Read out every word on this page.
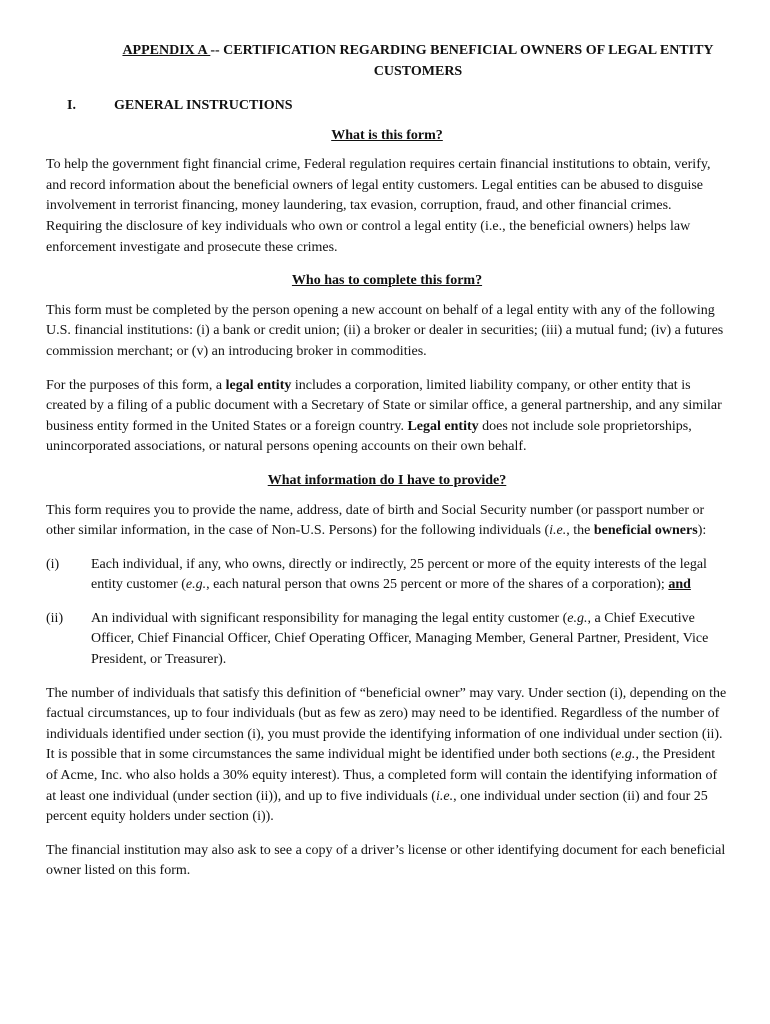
APPENDIX A -- CERTIFICATION REGARDING BENEFICIAL OWNERS OF LEGAL ENTITY CUSTOMERS
I.	GENERAL INSTRUCTIONS
What is this form?

To help the government fight financial crime, Federal regulation requires certain financial institutions to obtain, verify, and record information about the beneficial owners of legal entity customers. Legal entities can be abused to disguise involvement in terrorist financing, money laundering, tax evasion, corruption, fraud, and other financial crimes. Requiring the disclosure of key individuals who own or control a legal entity (i.e., the beneficial owners) helps law enforcement investigate and prosecute these crimes.

Who has to complete this form?

This form must be completed by the person opening a new account on behalf of a legal entity with any of the following U.S. financial institutions: (i) a bank or credit union; (ii) a broker or dealer in securities; (iii) a mutual fund; (iv) a futures commission merchant; or (v) an introducing broker in commodities.

For the purposes of this form, a legal entity includes a corporation, limited liability company, or other entity that is created by a filing of a public document with a Secretary of State or similar office, a general partnership, and any similar business entity formed in the United States or a foreign country. Legal entity does not include sole proprietorships, unincorporated associations, or natural persons opening accounts on their own behalf.

What information do I have to provide?

This form requires you to provide the name, address, date of birth and Social Security number (or passport number or other similar information, in the case of Non-U.S. Persons) for the following individuals (i.e., the beneficial owners):

(i)	Each individual, if any, who owns, directly or indirectly, 25 percent or more of the equity interests of the legal entity customer (e.g., each natural person that owns 25 percent or more of the shares of a corporation); and
(ii)	An individual with significant responsibility for managing the legal entity customer (e.g., a Chief Executive Officer, Chief Financial Officer, Chief Operating Officer, Managing Member, General Partner, President, Vice President, or Treasurer).

The number of individuals that satisfy this definition of “beneficial owner” may vary. Under section (i), depending on the factual circumstances, up to four individuals (but as few as zero) may need to be identified. Regardless of the number of individuals identified under section (i), you must provide the identifying information of one individual under section (ii). It is possible that in some circumstances the same individual might be identified under both sections (e.g., the President of Acme, Inc. who also holds a 30% equity interest). Thus, a completed form will contain the identifying information of at least one individual (under section (ii)), and up to five individuals (i.e., one individual under section (ii) and four 25 percent equity holders under section (i)).

The financial institution may also ask to see a copy of a driver’s license or other identifying document for each beneficial owner listed on this form.
